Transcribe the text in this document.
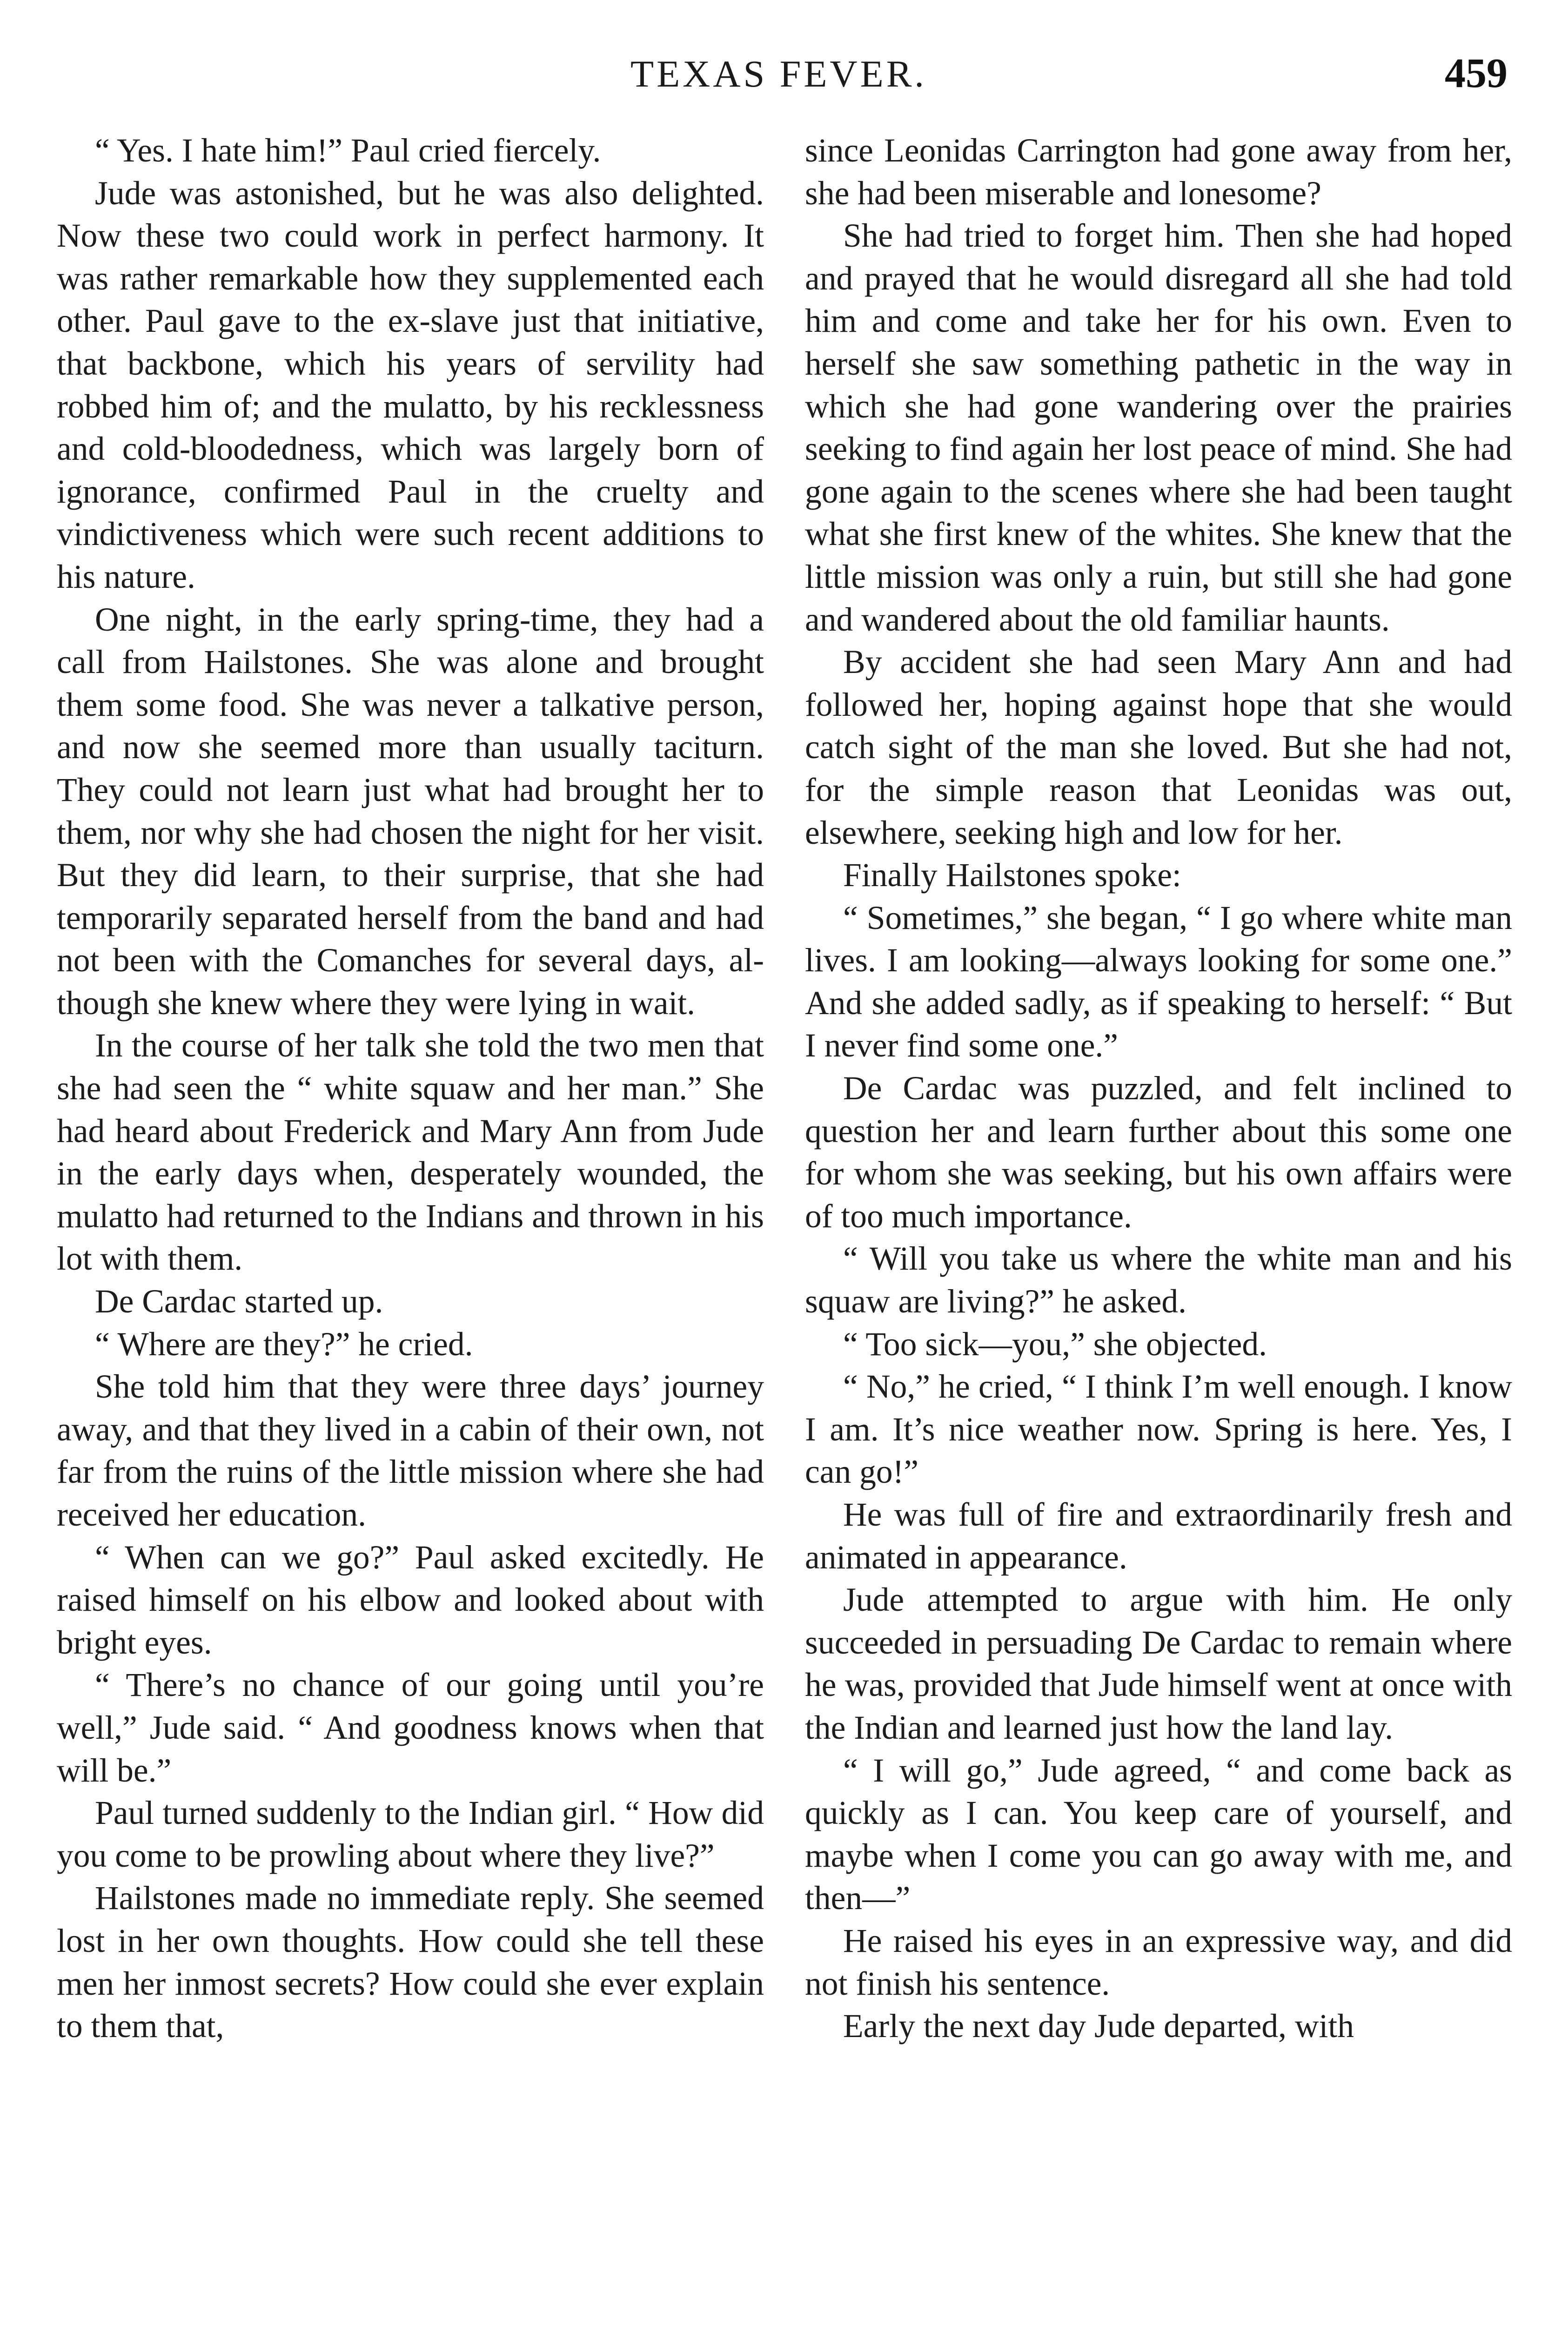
TEXAS FEVER.	459

“ Yes. I hate him!” Paul cried fiercely.

Jude was astonished, but he was also delighted. Now these two could work in perfect harmony. It was rather remarkable how they supplemented each other. Paul gave to the ex-slave just that initiative, that backbone, which his years of servility had robbed him of; and the mulatto, by his recklessness and cold-bloodedness, which was largely born of ignorance, confirmed Paul in the cruelty and vindictiveness which were such recent additions to his nature.

One night, in the early spring-time, they had a call from Hailstones. She was alone and brought them some food. She was never a talkative person, and now she seemed more than usually taciturn. They could not learn just what had brought her to them, nor why she had chosen the night for her visit. But they did learn, to their surprise, that she had temporarily separated herself from the band and had not been with the Comanches for several days, although she knew where they were lying in wait.

In the course of her talk she told the two men that she had seen the “ white squaw and her man.” She had heard about Frederick and Mary Ann from Jude in the early days when, desperately wounded, the mulatto had returned to the Indians and thrown in his lot with them.

De Cardac started up.

“ Where are they?” he cried.

She told him that they were three days’ journey away, and that they lived in a cabin of their own, not far from the ruins of the little mission where she had received her education.

“ When can we go?” Paul asked excitedly. He raised himself on his elbow and looked about with bright eyes.

“ There’s no chance of our going until you’re well,” Jude said. “ And goodness knows when that will be.”

Paul turned suddenly to the Indian girl. “ How did you come to be prowling about where they live?”

Hailstones made no immediate reply. She seemed lost in her own thoughts. How could she tell these men her inmost secrets? How could she ever explain to them that,

since Leonidas Carrington had gone away from her, she had been miserable and lonesome?

She had tried to forget him. Then she had hoped and prayed that he would disregard all she had told him and come and take her for his own. Even to herself she saw something pathetic in the way in which she had gone wandering over the prairies seeking to find again her lost peace of mind. She had gone again to the scenes where she had been taught what she first knew of the whites. She knew that the little mission was only a ruin, but still she had gone and wandered about the old familiar haunts.

By accident she had seen Mary Ann and had followed her, hoping against hope that she would catch sight of the man she loved. But she had not, for the simple reason that Leonidas was out, elsewhere, seeking high and low for her.

Finally Hailstones spoke:

“ Sometimes,” she began, “ I go where white man lives. I am looking—always looking for some one.” And she added sadly, as if speaking to herself: “ But I never find some one.”

De Cardac was puzzled, and felt inclined to question her and learn further about this some one for whom she was seeking, but his own affairs were of too much importance.

“ Will you take us where the white man and his squaw are living?” he asked.

“ Too sick—you,” she objected.

“ No,” he cried, “ I think I’m well enough. I know I am. It’s nice weather now. Spring is here. Yes, I can go!”

He was full of fire and extraordinarily fresh and animated in appearance.

Jude attempted to argue with him. He only succeeded in persuading De Cardac to remain where he was, provided that Jude himself went at once with the Indian and learned just how the land lay.

“ I will go,” Jude agreed, “ and come back as quickly as I can. You keep care of yourself, and maybe when I come you can go away with me, and then—”

He raised his eyes in an expressive way, and did not finish his sentence.

Early the next day Jude departed, with
